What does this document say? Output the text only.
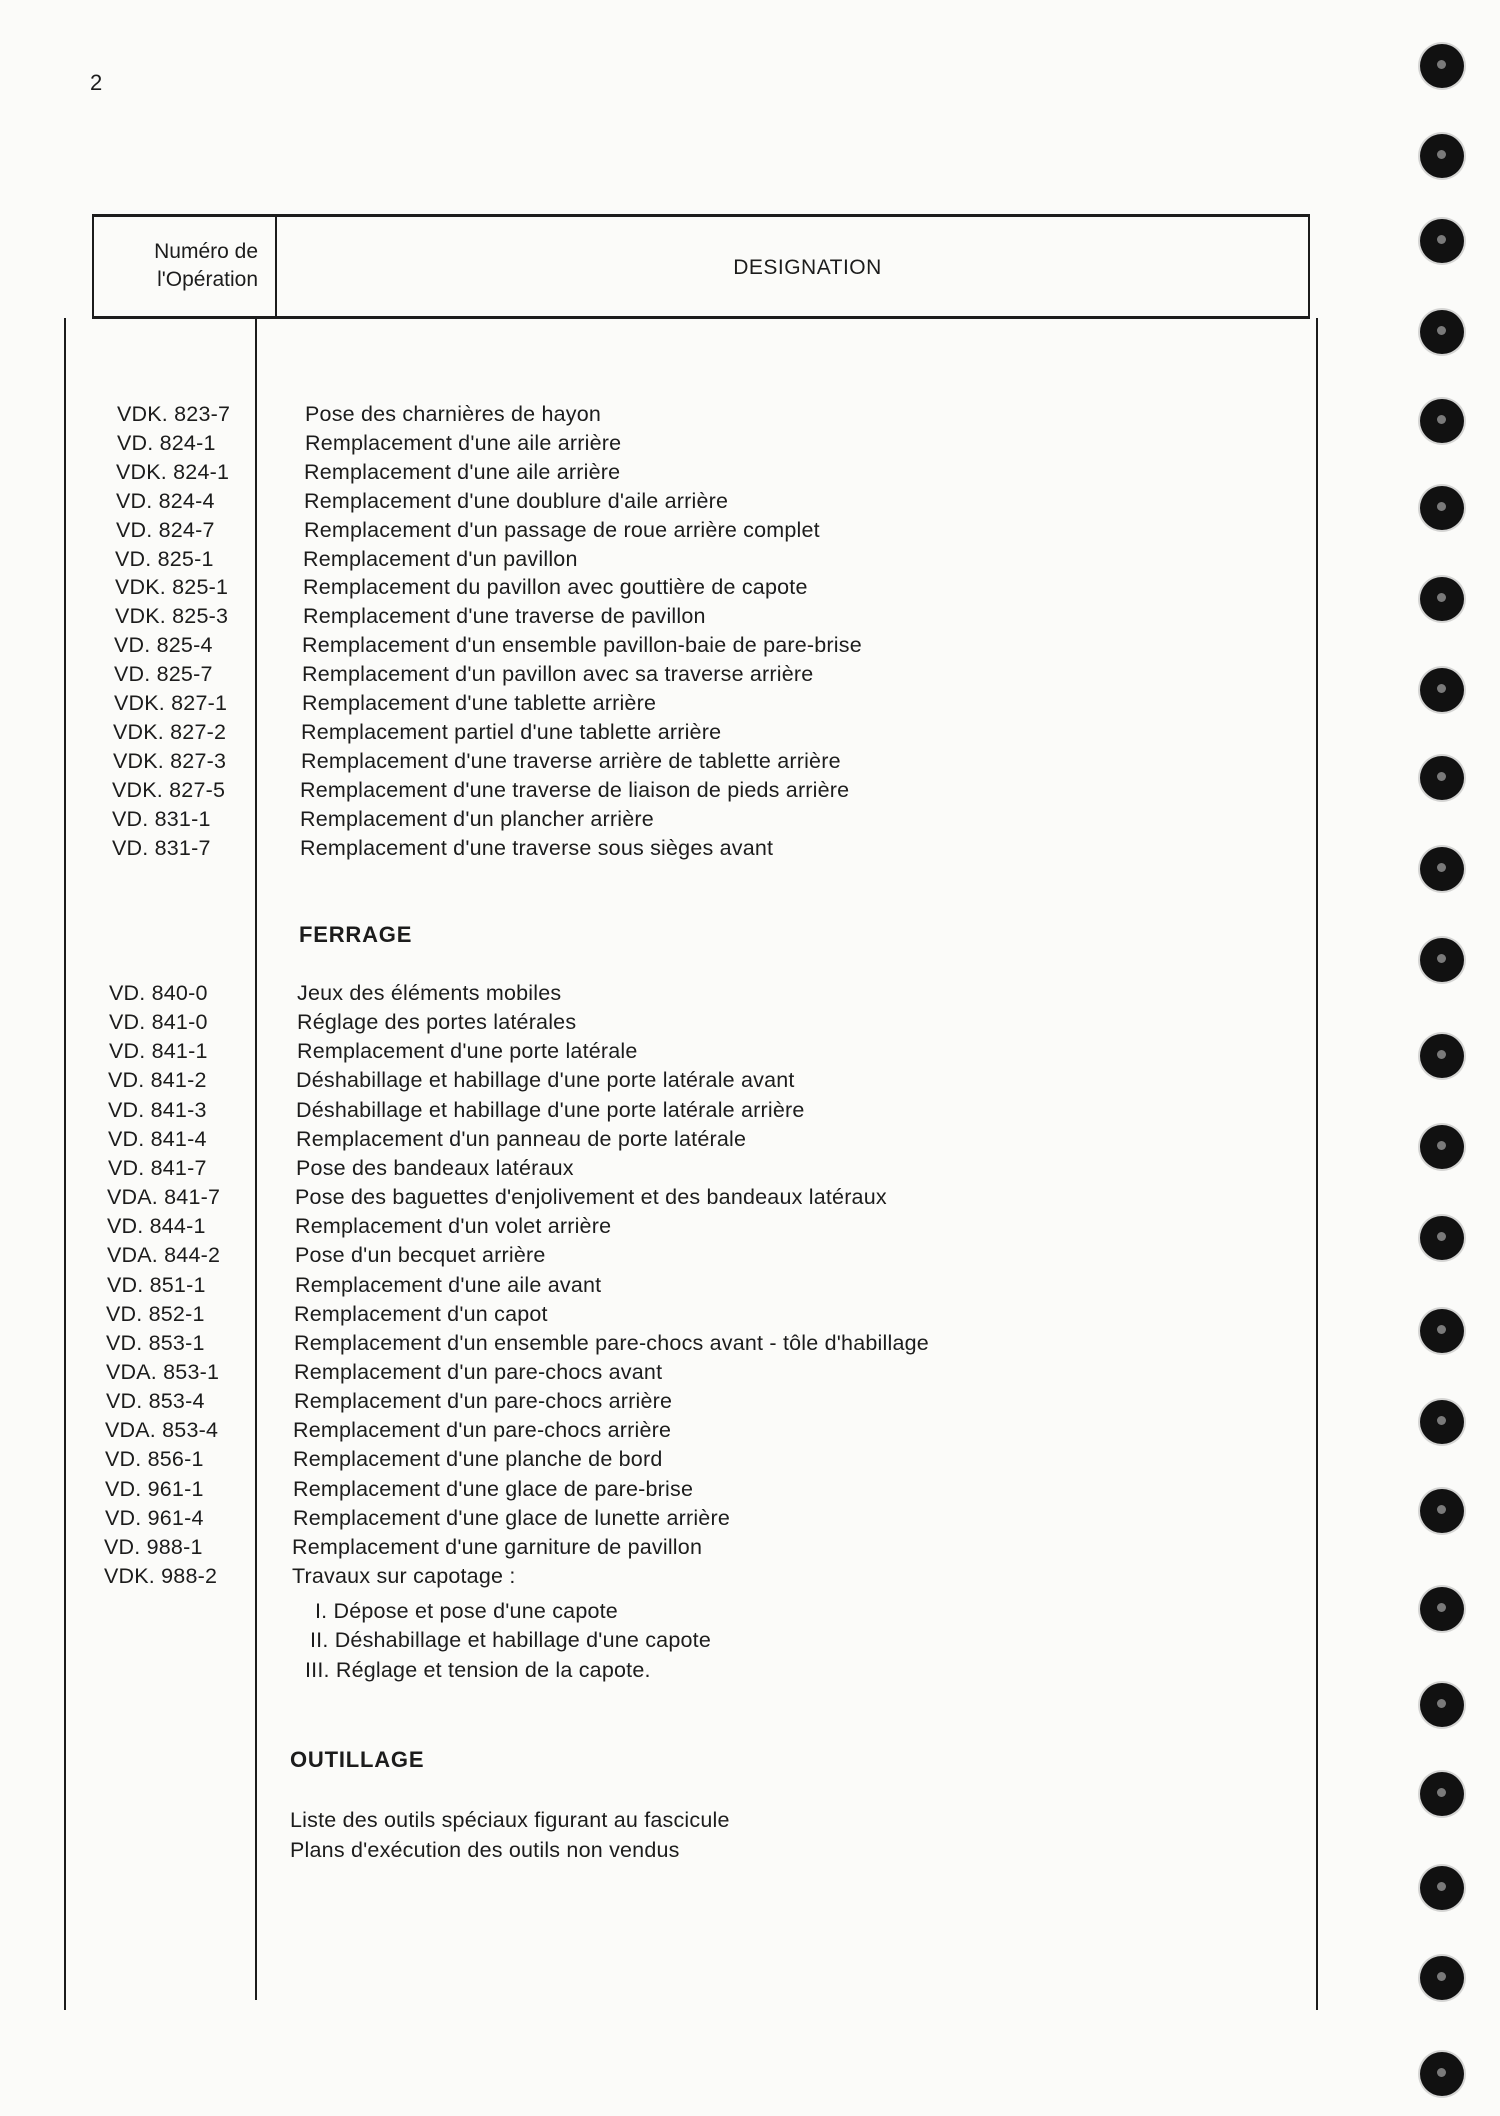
2
Numéro de
l'Opération
DESIGNATION
VDK. 823-7	Pose des charnières de hayon
VD. 824-1	Remplacement d'une aile arrière
VDK. 824-1	Remplacement d'une aile arrière
VD. 824-4	Remplacement d'une doublure d'aile arrière
VD. 824-7	Remplacement d'un passage de roue arrière complet
VD. 825-1	Remplacement d'un pavillon
VDK. 825-1	Remplacement du pavillon avec gouttière de capote
VDK. 825-3	Remplacement d'une traverse de pavillon
VD. 825-4	Remplacement d'un ensemble pavillon-baie de pare-brise
VD. 825-7	Remplacement d'un pavillon avec sa traverse arrière
VDK. 827-1	Remplacement d'une tablette arrière
VDK. 827-2	Remplacement partiel d'une tablette arrière
VDK. 827-3	Remplacement d'une traverse arrière de tablette arrière
VDK. 827-5	Remplacement d'une traverse de liaison de pieds arrière
VD. 831-1	Remplacement d'un plancher arrière
VD. 831-7	Remplacement d'une traverse sous sièges avant
FERRAGE
VD. 840-0	Jeux des éléments mobiles
VD. 841-0	Réglage des portes latérales
VD. 841-1	Remplacement d'une porte latérale
VD. 841-2	Déshabillage et habillage d'une porte latérale avant
VD. 841-3	Déshabillage et habillage d'une porte latérale arrière
VD. 841-4	Remplacement d'un panneau de porte latérale
VD. 841-7	Pose des bandeaux latéraux
VDA. 841-7	Pose des baguettes d'enjolivement et des bandeaux latéraux
VD. 844-1	Remplacement d'un volet arrière
VDA. 844-2	Pose d'un becquet arrière
VD. 851-1	Remplacement d'une aile avant
VD. 852-1	Remplacement d'un capot
VD. 853-1	Remplacement d'un ensemble pare-chocs avant - tôle d'habillage
VDA. 853-1	Remplacement d'un pare-chocs avant
VD. 853-4	Remplacement d'un pare-chocs arrière
VDA. 853-4	Remplacement d'un pare-chocs arrière
VD. 856-1	Remplacement d'une planche de bord
VD. 961-1	Remplacement d'une glace de pare-brise
VD. 961-4	Remplacement d'une glace de lunette arrière
VD. 988-1	Remplacement d'une garniture de pavillon
VDK. 988-2	Travaux sur capotage :
I. Dépose et pose d'une capote
II. Déshabillage et habillage d'une capote
III. Réglage et tension de la capote.
OUTILLAGE
Liste des outils spéciaux figurant au fascicule
Plans d'exécution des outils non vendus
